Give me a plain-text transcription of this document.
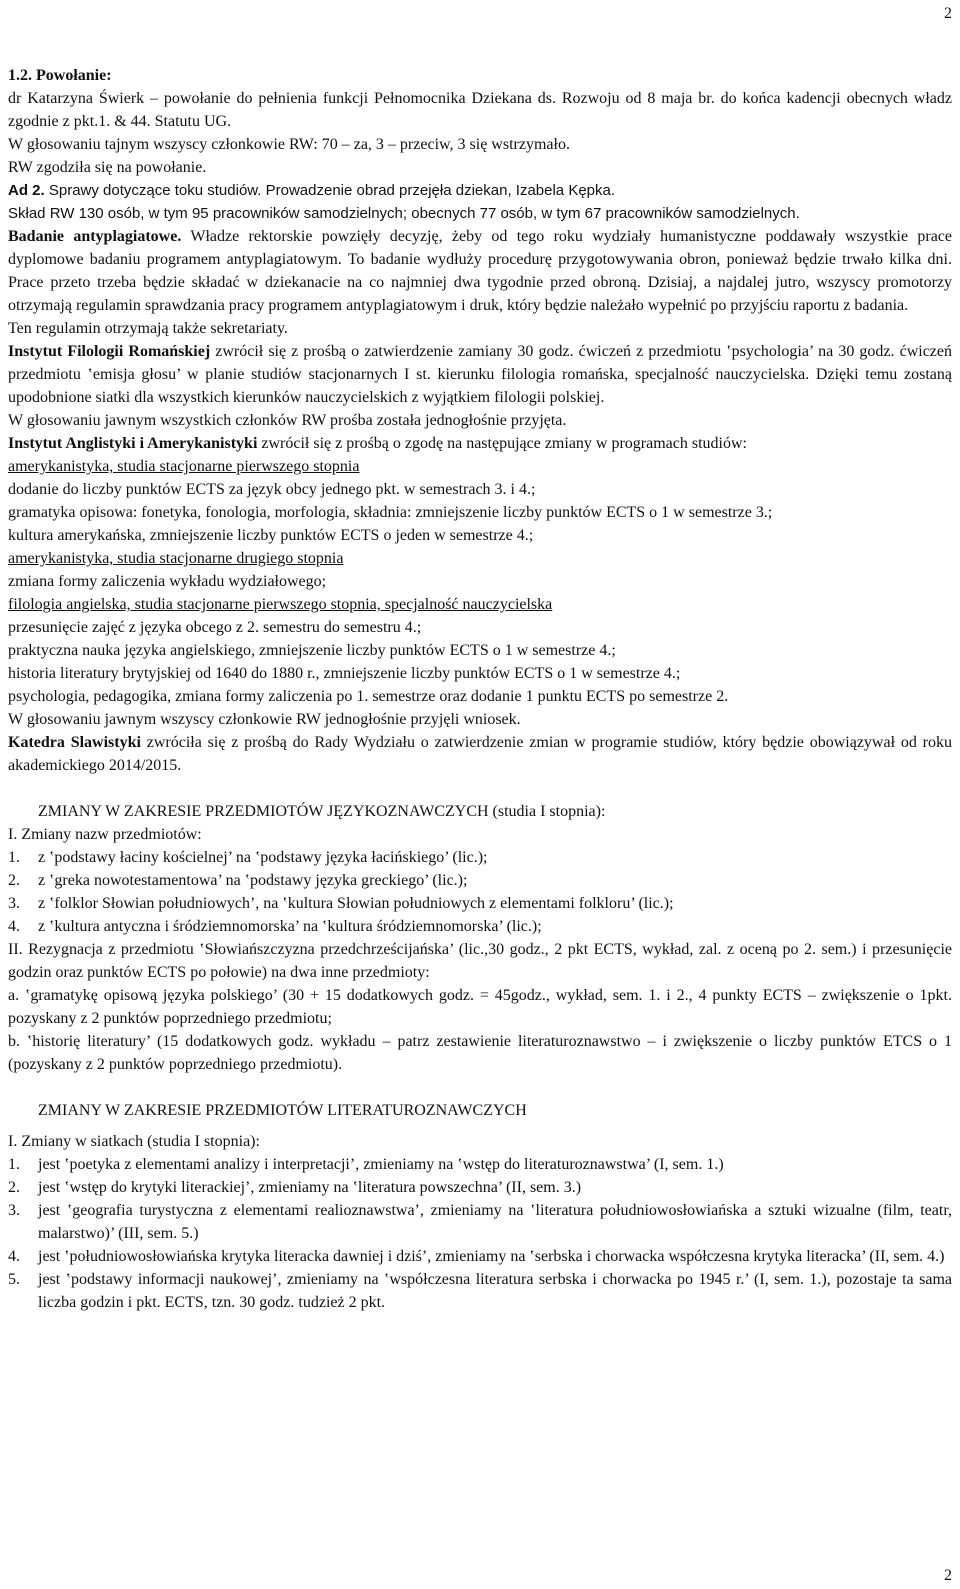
2

1.2. Powołanie:

dr Katarzyna Świerk – powołanie do pełnienia funkcji Pełnomocnika Dziekana ds. Rozwoju od 8 maja br. do końca kadencji obecnych władz zgodnie z pkt.1. & 44. Statutu UG.

W głosowaniu tajnym wszyscy członkowie RW: 70 – za, 3 – przeciw, 3 się wstrzymało.

RW zgodziła się na powołanie.

Ad 2. Sprawy dotyczące toku studiów. Prowadzenie obrad przejęła dziekan, Izabela Kępka.

Skład RW 130 osób, w tym 95 pracowników samodzielnych; obecnych 77 osób, w tym 67 pracowników samodzielnych.

Badanie antyplagiatowe. Władze rektorskie powzięły decyzję, żeby od tego roku wydziały humanistyczne poddawały wszystkie prace dyplomowe badaniu programem antyplagiatowym. To badanie wydłuży procedurę przygotowywania obron, ponieważ będzie trwało kilka dni. Prace przeto trzeba będzie składać w dziekanacie na co najmniej dwa tygodnie przed obroną. Dzisiaj, a najdalej jutro, wszyscy promotorzy otrzymają regulamin sprawdzania pracy programem antyplagiatowym i druk, który będzie należało wypełnić po przyjściu raportu z badania.

Ten regulamin otrzymają także sekretariaty.

Instytut Filologii Romańskiej zwrócił się z prośbą o zatwierdzenie zamiany 30 godz. ćwiczeń z przedmiotu ‛psychologia’ na 30 godz. ćwiczeń przedmiotu ‛emisja głosu’ w planie studiów stacjonarnych I st. kierunku filologia romańska, specjalność nauczycielska. Dzięki temu zostaną upodobnione siatki dla wszystkich kierunków nauczycielskich z wyjątkiem filologii polskiej.

W głosowaniu jawnym wszystkich członków RW prośba została jednogłośnie przyjęta.

Instytut Anglistyki i Amerykanistyki zwrócił się z prośbą o zgodę na następujące zmiany w programach studiów:

amerykanistyka, studia stacjonarne pierwszego stopnia

dodanie do liczby punktów ECTS za język obcy jednego pkt. w semestrach 3. i 4.;

gramatyka opisowa: fonetyka, fonologia, morfologia, składnia: zmniejszenie liczby punktów ECTS o 1 w semestrze 3.;

kultura amerykańska, zmniejszenie liczby punktów ECTS o jeden w semestrze 4.;

amerykanistyka, studia stacjonarne drugiego stopnia

zmiana formy zaliczenia wykładu wydziałowego;

filologia angielska, studia stacjonarne pierwszego stopnia, specjalność nauczycielska

przesunięcie zajęć z języka obcego z 2. semestru do semestru 4.;

praktyczna nauka języka angielskiego, zmniejszenie liczby punktów ECTS o 1 w semestrze 4.;

historia literatury brytyjskiej od 1640 do 1880 r., zmniejszenie liczby punktów ECTS o 1 w semestrze 4.;

psychologia, pedagogika, zmiana formy zaliczenia po 1. semestrze oraz dodanie 1 punktu ECTS po semestrze 2.

W głosowaniu jawnym wszyscy członkowie RW jednogłośnie przyjęli wniosek.

Katedra Slawistyki zwróciła się z prośbą do Rady Wydziału o zatwierdzenie zmian w programie studiów, który będzie obowiązywał od roku akademickiego 2014/2015.

ZMIANY W ZAKRESIE PRZEDMIOTÓW JĘZYKOZNAWCZYCH (studia I stopnia):

I. Zmiany nazw przedmiotów:

1.	z ‛podstawy łaciny kościelnej’ na ‛podstawy języka łacińskiego’ (lic.);
2.	z ‛greka nowotestamentowa’ na ‛podstawy języka greckiego’ (lic.);
3.	z ‛folklor Słowian południowych’, na ‛kultura Słowian południowych z elementami folkloru’ (lic.);
4.	z ‛kultura antyczna i śródziemnomorska’ na ‛kultura śródziemnomorska’ (lic.);

II. Rezygnacja z przedmiotu ‛Słowiańszczyzna przedchrześcijańska’ (lic.,30 godz., 2 pkt ECTS, wykład, zal. z oceną po 2. sem.) i przesunięcie godzin oraz punktów ECTS po połowie) na dwa inne przedmioty:

a. ‛gramatykę opisową języka polskiego’ (30 + 15 dodatkowych godz. = 45godz., wykład, sem. 1. i 2., 4 punkty ECTS – zwiększenie o 1pkt. pozyskany z 2 punktów poprzedniego przedmiotu;

b. ‛historię literatury’ (15 dodatkowych godz. wykładu – patrz zestawienie literaturoznawstwo – i zwiększenie o liczby punktów ETCS o 1 (pozyskany z 2 punktów poprzedniego przedmiotu).

ZMIANY W ZAKRESIE PRZEDMIOTÓW LITERATUROZNAWCZYCH

I. Zmiany w siatkach (studia I stopnia):

1.	jest ‛poetyka z elementami analizy i interpretacji’, zmieniamy na ‛wstęp do literaturoznawstwa’ (I, sem. 1.)
2.	jest ‛wstęp do krytyki literackiej’, zmieniamy na ‛literatura powszechna’ (II, sem. 3.)
3.	jest ‛geografia turystyczna z elementami realioznawstwa’, zmieniamy na ‛literatura południowosłowiańska a sztuki wizualne (film, teatr, malarstwo)’ (III, sem. 5.)
4.	jest ‛południowosłowiańska krytyka literacka dawniej i dziś’, zmieniamy na ‛serbska i chorwacka współczesna krytyka literacka’ (II, sem. 4.)
5.	jest ‛podstawy informacji naukowej’, zmieniamy na ‛współczesna literatura serbska i chorwacka po 1945 r.’ (I, sem. 1.), pozostaje ta sama liczba godzin i pkt. ECTS, tzn. 30 godz. tudzież 2 pkt.
2
